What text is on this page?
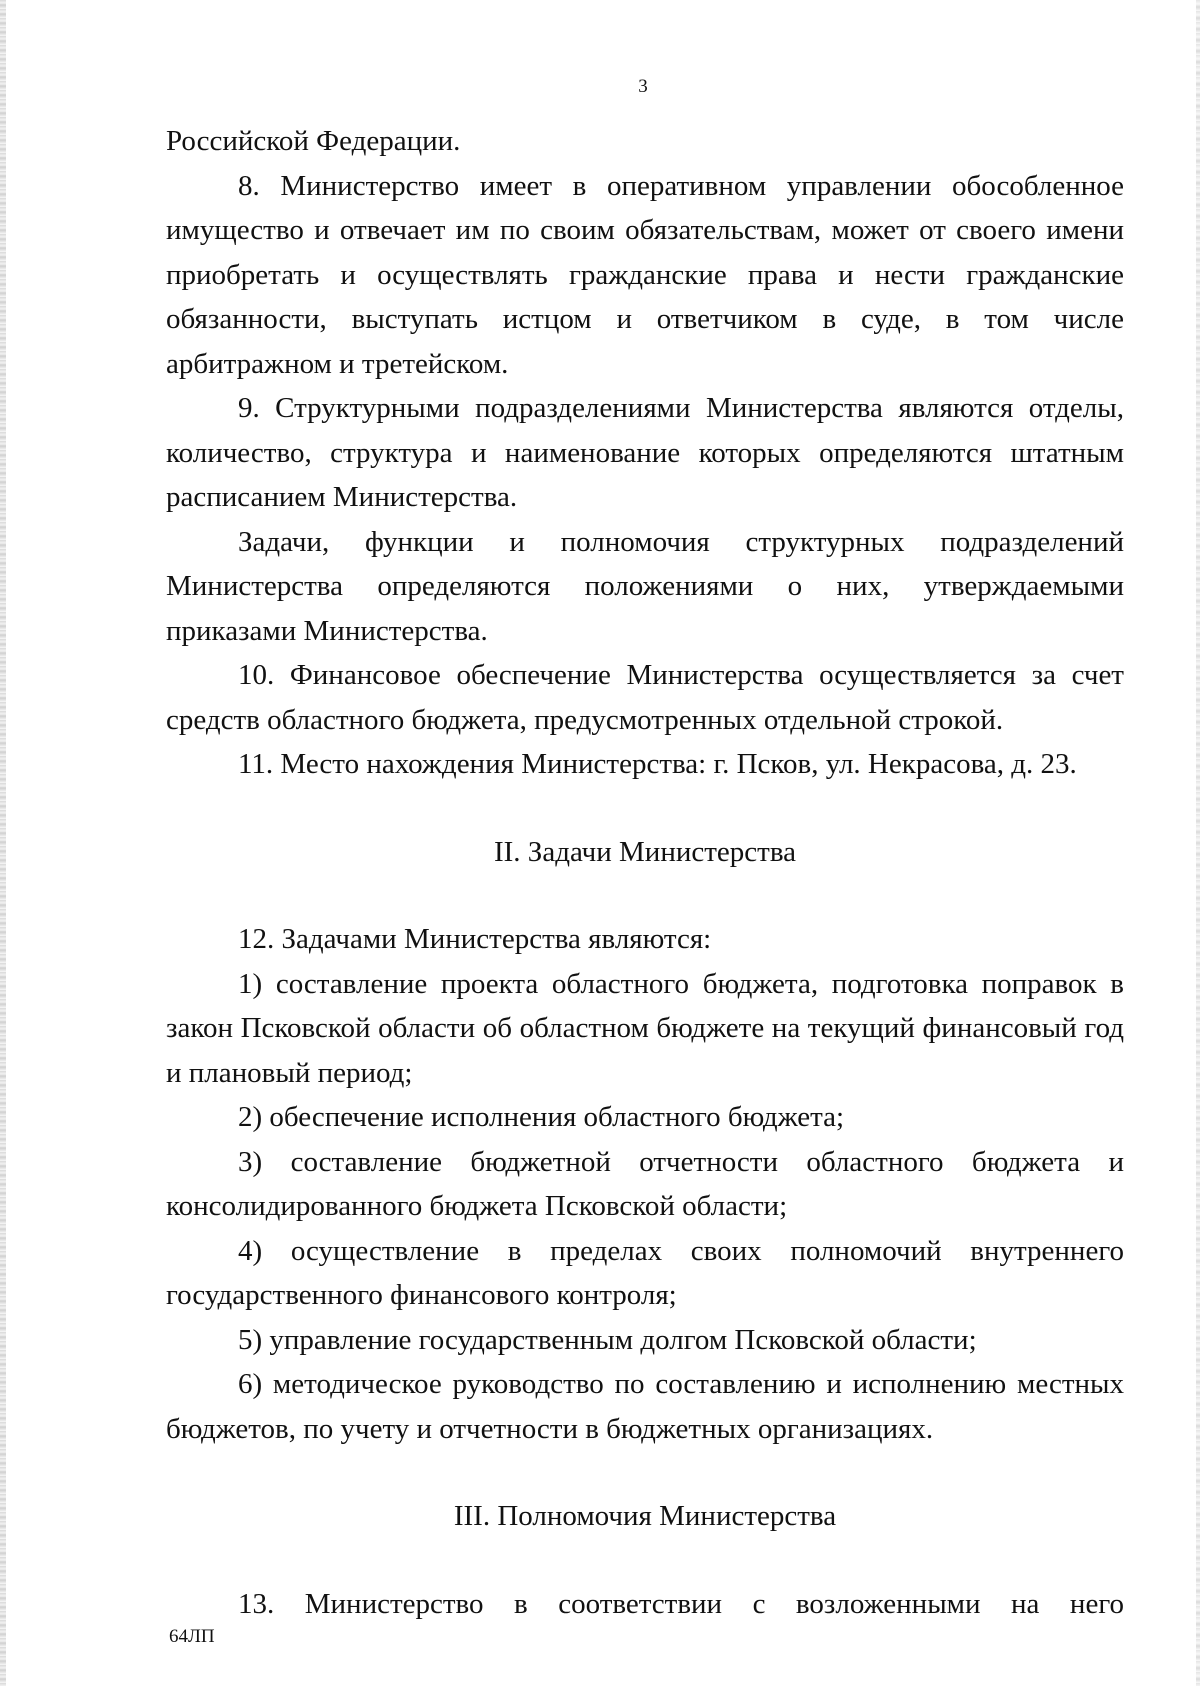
3

Российской Федерации.

8. Министерство имеет в оперативном управлении обособленное имущество и отвечает им по своим обязательствам, может от своего имени приобретать и осуществлять гражданские права и нести гражданские обязанности, выступать истцом и ответчиком в суде, в том числе арбитражном и третейском.

9. Структурными подразделениями Министерства являются отделы, количество, структура и наименование которых определяются штатным расписанием Министерства.

Задачи, функции и полномочия структурных подразделений Министерства определяются положениями о них, утверждаемыми приказами Министерства.

10. Финансовое обеспечение Министерства осуществляется за счет средств областного бюджета, предусмотренных отдельной строкой.

11. Место нахождения Министерства: г. Псков, ул. Некрасова, д. 23.

II. Задачи Министерства

12. Задачами Министерства являются:

1) составление проекта областного бюджета, подготовка поправок в закон Псковской области об областном бюджете на текущий финансовый год и плановый период;

2) обеспечение исполнения областного бюджета;

3) составление бюджетной отчетности областного бюджета и консолидированного бюджета Псковской области;

4) осуществление в пределах своих полномочий внутреннего государственного финансового контроля;

5) управление государственным долгом Псковской области;

6) методическое руководство по составлению и исполнению местных бюджетов, по учету и отчетности в бюджетных организациях.

III. Полномочия Министерства

13. Министерство в соответствии с возложенными на него

64ЛП
